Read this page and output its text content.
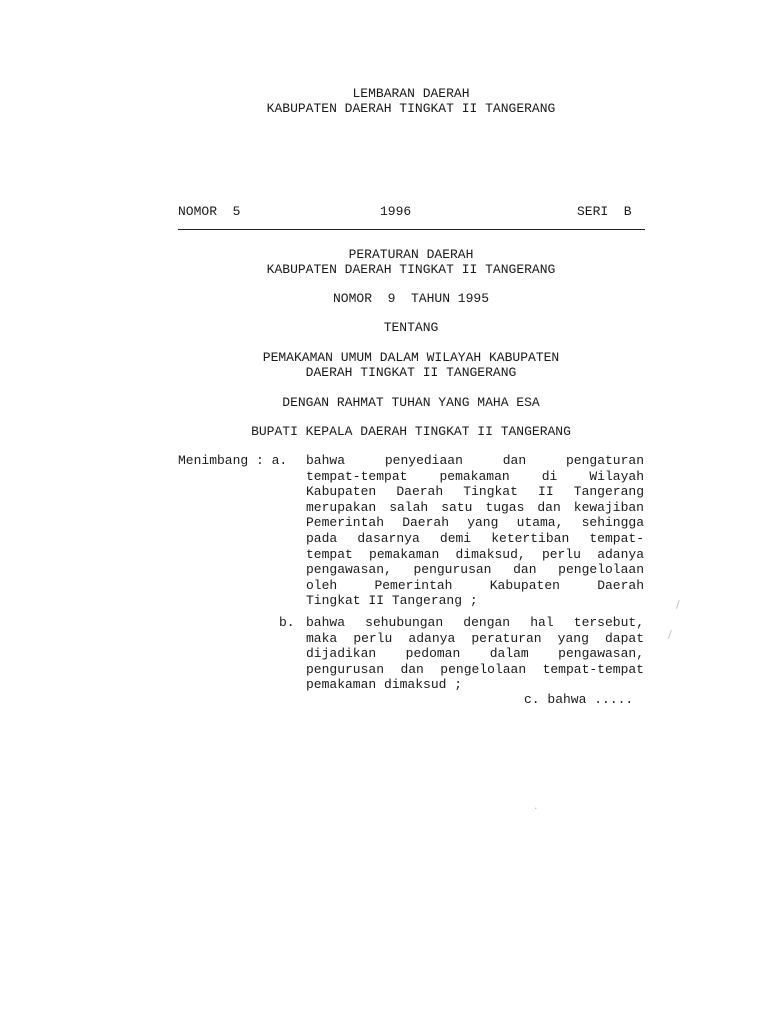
LEMBARAN DAERAH
KABUPATEN DAERAH TINGKAT II TANGERANG
NOMOR  5	1996	SERI  B
PERATURAN DAERAH
KABUPATEN DAERAH TINGKAT II TANGERANG
NOMOR  9  TAHUN 1995
TENTANG
PEMAKAMAN UMUM DALAM WILAYAH KABUPATEN
DAERAH TINGKAT II TANGERANG
DENGAN RAHMAT TUHAN YANG MAHA ESA
BUPATI KEPALA DAERAH TINGKAT II TANGERANG
Menimbang : a. bahwa penyediaan dan pengaturan
tempat-tempat pemakaman di Wilayah
Kabupaten Daerah Tingkat II Tangerang
merupakan salah satu tugas dan kewajiban
Pemerintah Daerah yang utama, sehingga
pada dasarnya demi ketertiban tempat-
tempat pemakaman dimaksud, perlu adanya
pengawasan, pengurusan dan pengelolaan
oleh Pemerintah Kabupaten Daerah
Tingkat II Tangerang ;
b. bahwa sehubungan dengan hal tersebut,
maka perlu adanya peraturan yang dapat
dijadikan pedoman dalam pengawasan,
pengurusan dan pengelolaan tempat-tempat
pemakaman dimaksud ;
c. bahwa .....
/
/
·
